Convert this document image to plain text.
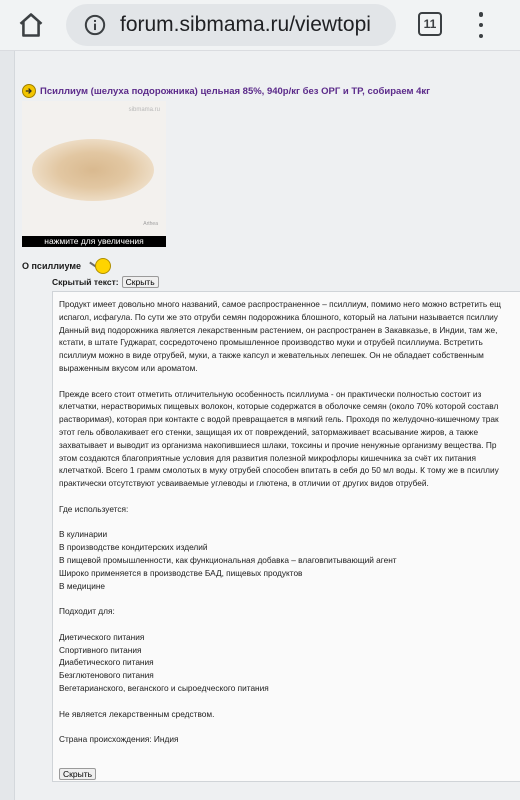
forum.sibmama.ru/viewtopi	11
Псиллиум (шелуха подорожника) цельная 85%, 940р/кг без ОРГ и ТР, собираем 4кг
sibmama.ru
Arthea
нажмите для увеличения
О псиллиуме
Скрытый текст: Скрыть
Продукт имеет довольно много названий, самое распространенное – псиллиум, помимо него можно встретить ещ
испагол, исфагула. По сути же это отруби семян подорожника блошного, который на латыни называется псиллиу
Данный вид подорожника является лекарственным растением, он распространен в Закавказье, в Индии, там же,
кстати, в штате Гуджарат, сосредоточено промышленное производство муки и отрубей псиллиума. Встретить
псиллиум можно в виде отрубей, муки, а также капсул и жевательных лепешек. Он не обладает собственным
выраженным вкусом или ароматом.

Прежде всего стоит отметить отличительную особенность псиллиума - он практически полностью состоит из
клетчатки, нерастворимых пищевых волокон, которые содержатся в оболочке семян (около 70% которой составл
растворимая), которая при контакте с водой превращается в мягкий гель. Проходя по желудочно-кишечному трак
этот гель обволакивает его стенки, защищая их от повреждений, затормаживает всасывание жиров, а также
захватывает и выводит из организма накопившиеся шлаки, токсины и прочие ненужные организму вещества. Пр
этом создаются благоприятные условия для развития полезной микрофлоры кишечника за счёт их питания
клетчаткой. Всего 1 грамм смолотых в муку отрубей способен впитать в себя до 50 мл воды. К тому же в псиллиу
практически отсутствуют усваиваемые углеводы и глютена, в отличии от других видов отрубей.

Где используется:

В кулинарии
В производстве кондитерских изделий
В пищевой промышленности, как функциональная добавка – влаговпитывающий агент
Широко применяется в производстве БАД, пищевых продуктов
В медицине

Подходит для:

Диетического питания
Спортивного питания
Диабетического питания
Безглютенового питания
Вегетарианского, веганского и сыроедческого питания

Не является лекарственным средством.

Страна происхождения: Индия
Скрыть
